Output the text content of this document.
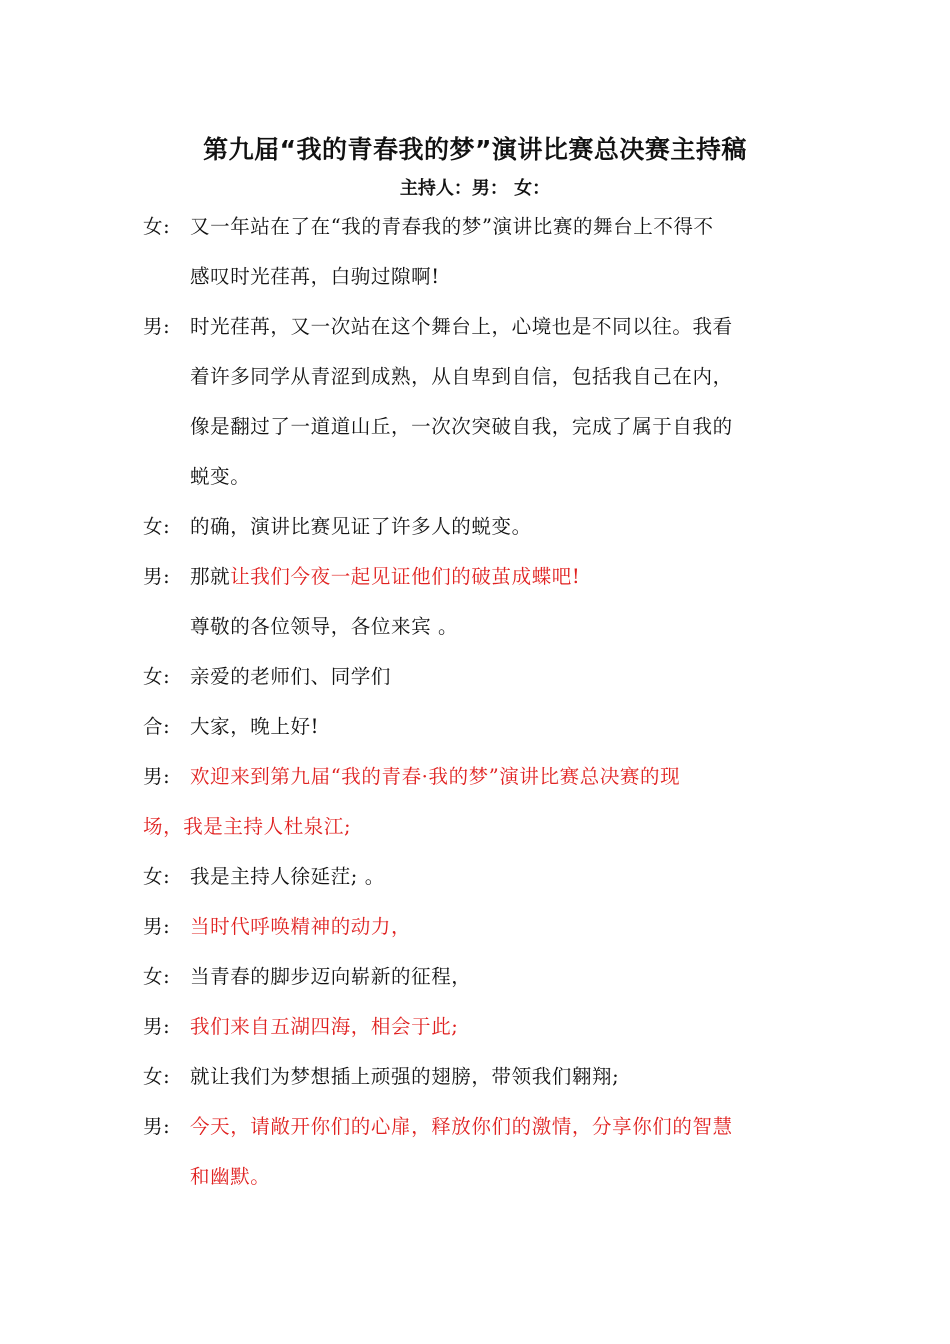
第九届“我的青春我的梦”演讲比赛总决赛主持稿
主持人：男： 女：
女: 又一年站在了在“我的青春我的梦”演讲比赛的舞台上不得不
感叹时光荏苒，白驹过隙啊!
男: 时光荏苒，又一次站在这个舞台上，心境也是不同以往。我看
着许多同学从青涩到成熟，从自卑到自信，包括我自己在内，
像是翻过了一道道山丘，一次次突破自我，完成了属于自我的
蜕变。
女: 的确，演讲比赛见证了许多人的蜕变。
男: 那就让我们今夜一起见证他们的破茧成蝶吧!
尊敬的各位领导，各位来宾 。
女: 亲爱的老师们、同学们
合: 大家，晚上好!
男: 欢迎来到第九届“我的青春·我的梦”演讲比赛总决赛的现
场，我是主持人杜泉江;
女: 我是主持人徐延茳; 。
男: 当时代呼唤精神的动力，
女: 当青春的脚步迈向崭新的征程，
男: 我们来自五湖四海，相会于此;
女: 就让我们为梦想插上顽强的翅膀，带领我们翱翔;
男: 今天，请敞开你们的心扉，释放你们的激情，分享你们的智慧
和幽默。
